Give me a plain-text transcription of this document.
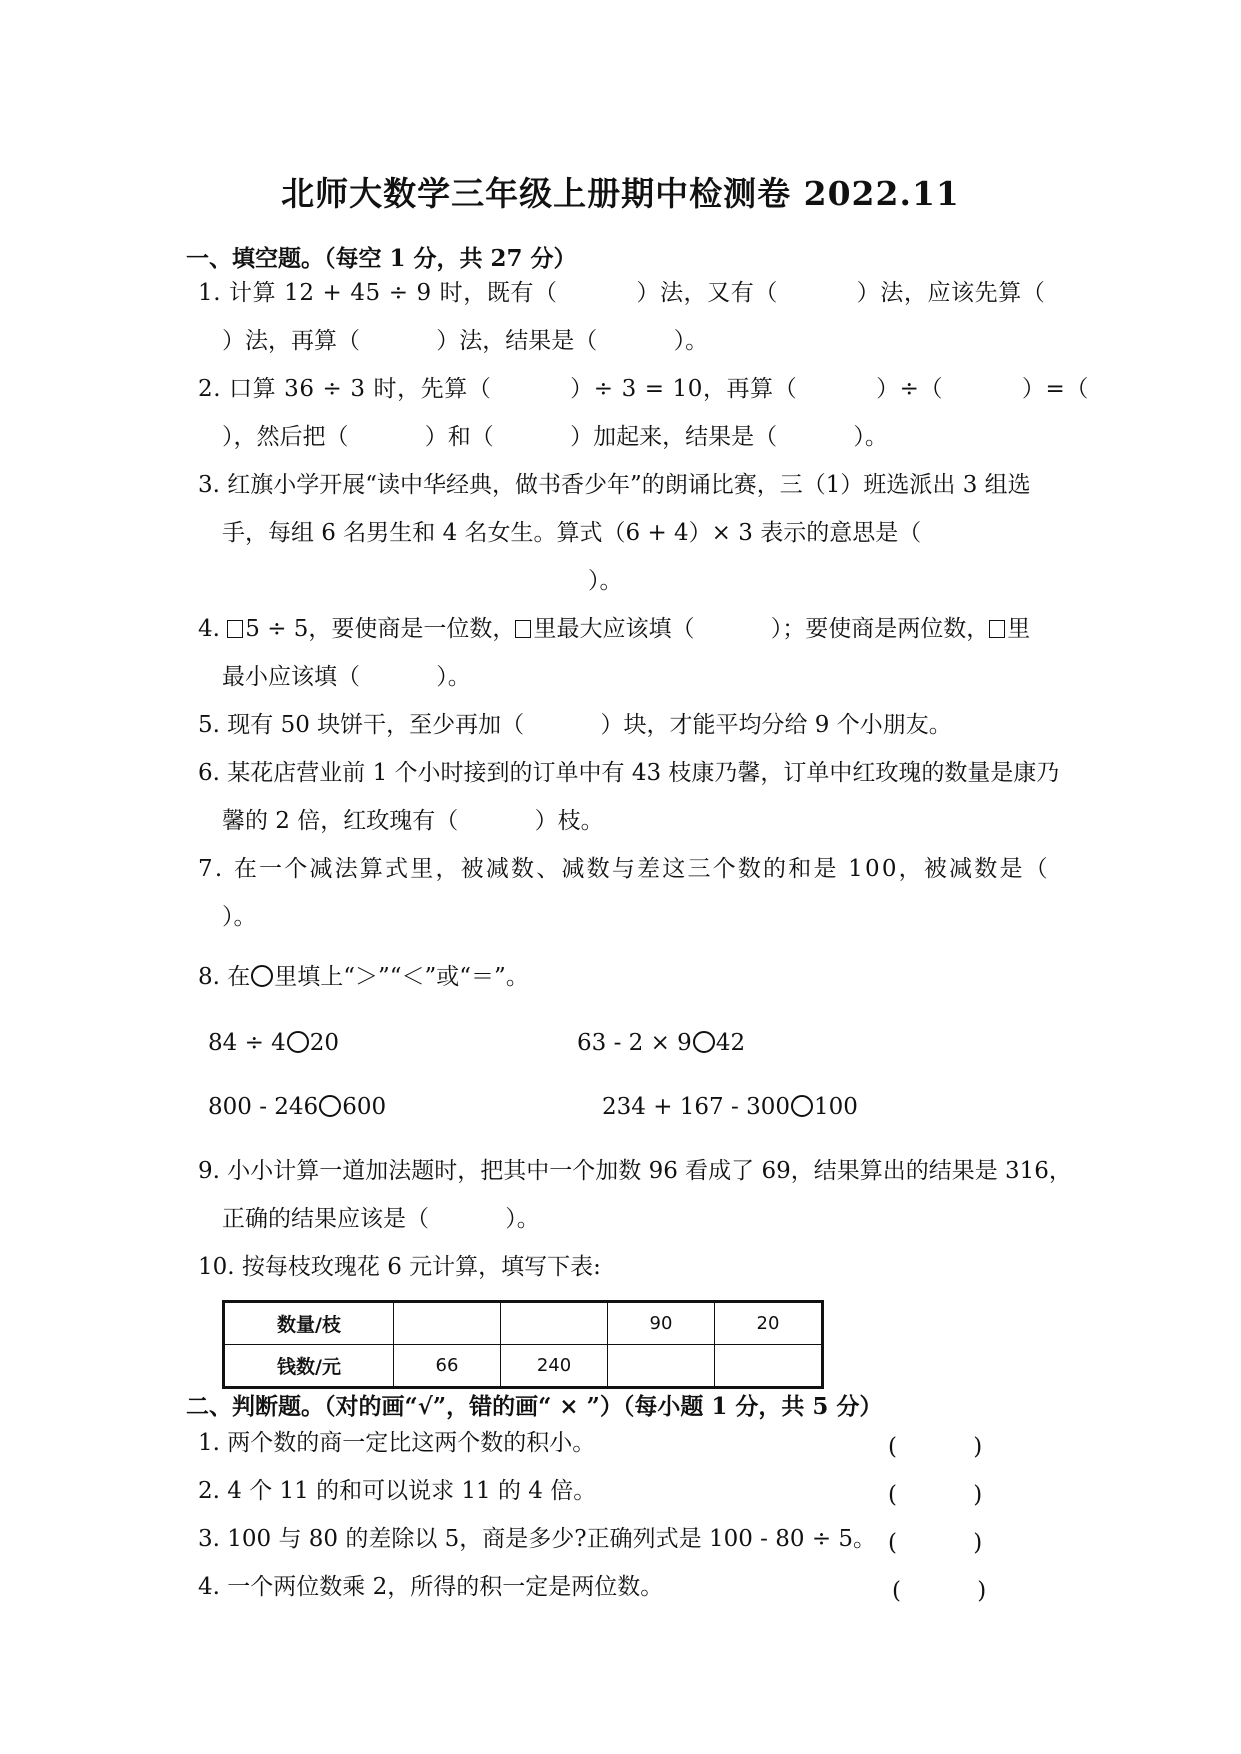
北师大数学三年级上册期中检测卷 2022.11
一、填空题。（每空 1 分，共 27 分）
1. 计算 12 + 45 ÷ 9 时，既有（　　　 ）法，又有（　　　 ）法，应该先算（
）法，再算（　　　 ）法，结果是（　　　 ）。
2. 口算 36 ÷ 3 时，先算（　　　 ）÷ 3 = 10，再算（　　　 ）÷（　　　 ）=（
），然后把（　　　 ）和（　　　 ）加起来，结果是（　　　 ）。
3. 红旗小学开展“读中华经典，做书香少年”的朗诵比赛，三（1）班选派出 3 组选
手，每组 6 名男生和 4 名女生。算式（6 + 4）× 3 表示的意思是（
）。
4. 5 ÷ 5，要使商是一位数， 里最大应该填（　　　 ）；要使商是两位数， 里
最小应该填（　　　 ）。
5. 现有 50 块饼干，至少再加（　　　 ）块，才能平均分给 9 个小朋友。
6. 某花店营业前 1 个小时接到的订单中有 43 枝康乃馨，订单中红玫瑰的数量是康乃
馨的 2 倍，红玫瑰有（　　　 ）枝。
7. 在一个减法算式里，被减数、减数与差这三个数的和是 100，被减数是（
）。
8. 在 里填上“＞”“＜”或“＝”。
84 ÷ 4 20	63 - 2 × 9 42
800 - 246 600	234 + 167 - 300 100
9. 小小计算一道加法题时，把其中一个加数 96 看成了 69，结果算出的结果是 316，
正确的结果应该是（　　　 ）。
10. 按每枝玫瑰花 6 元计算，填写下表:
数量/枝			90	20
钱数/元	66	240		
二、判断题。（对的画“√”，错的画“ × ”）（每小题 1 分，共 5 分）
1. 两个数的商一定比这两个数的积小。	(　　　 )
2. 4 个 11 的和可以说求 11 的 4 倍。	(　　　 )
3. 100 与 80 的差除以 5，商是多少?正确列式是 100 - 80 ÷ 5。 (　　　 )
4. 一个两位数乘 2，所得的积一定是两位数。	(　　　 )
